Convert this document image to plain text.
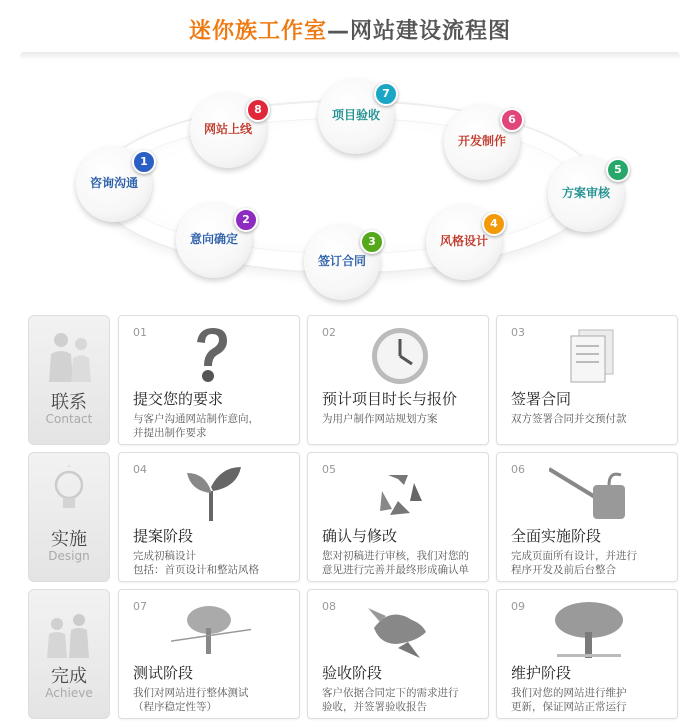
迷你族工作室—网站建设流程图
咨询沟通
1
意向确定
2
签订合同
3	风格设计
4
方案审核
5
开发制作
6
项目验收
7
网站上线
8
联系
Contact
01
提交您的要求
与客户沟通网站制作意向，
并提出制作要求
02
预计项目时长与报价
为用户制作网站规划方案
03
签署合同
双方签署合同并交预付款
实施
Design
04
提案阶段
完成初稿设计
包括：首页设计和整站风格
05
确认与修改
您对初稿进行审核，我们对您的
意见进行完善并最终形成确认单
06
全面实施阶段
完成页面所有设计，并进行
程序开发及前后台整合
完成
Achieve
07
测试阶段
我们对网站进行整体测试
（程序稳定性等）
08
验收阶段
客户依据合同定下的需求进行
验收，并签署验收报告
09
维护阶段
我们对您的网站进行维护
更新，保证网站正常运行
